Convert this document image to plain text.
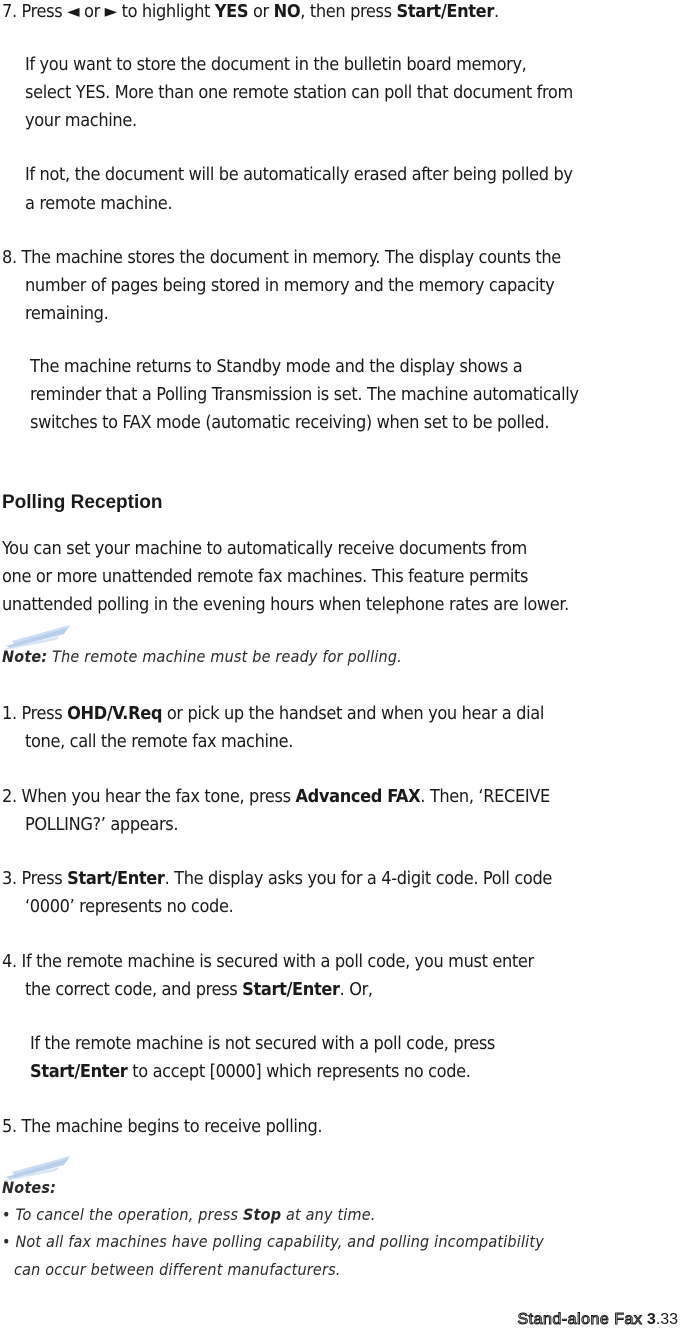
7. Press ◄ or ► to highlight YES or NO, then press Start/Enter.
If you want to store the document in the bulletin board memory,
select YES. More than one remote station can poll that document from
your machine.
If not, the document will be automatically erased after being polled by
a remote machine.
8. The machine stores the document in memory. The display counts the
number of pages being stored in memory and the memory capacity
remaining.
The machine returns to Standby mode and the display shows a
reminder that a Polling Transmission is set. The machine automatically
switches to FAX mode (automatic receiving) when set to be polled.
Polling Reception
You can set your machine to automatically receive documents from
one or more unattended remote fax machines. This feature permits
unattended polling in the evening hours when telephone rates are lower.
Note: The remote machine must be ready for polling.
1. Press OHD/V.Req or pick up the handset and when you hear a dial
tone, call the remote fax machine.
2. When you hear the fax tone, press Advanced FAX. Then, ‘RECEIVE
POLLING?’ appears.
3. Press Start/Enter. The display asks you for a 4-digit code. Poll code
‘0000’ represents no code.
4. If the remote machine is secured with a poll code, you must enter
the correct code, and press Start/Enter. Or,
If the remote machine is not secured with a poll code, press
Start/Enter to accept [0000] which represents no code.
5. The machine begins to receive polling.
Notes:
• To cancel the operation, press Stop at any time.
• Not all fax machines have polling capability, and polling incompatibility
can occur between different manufacturers.
Stand-alone Fax 3.33
